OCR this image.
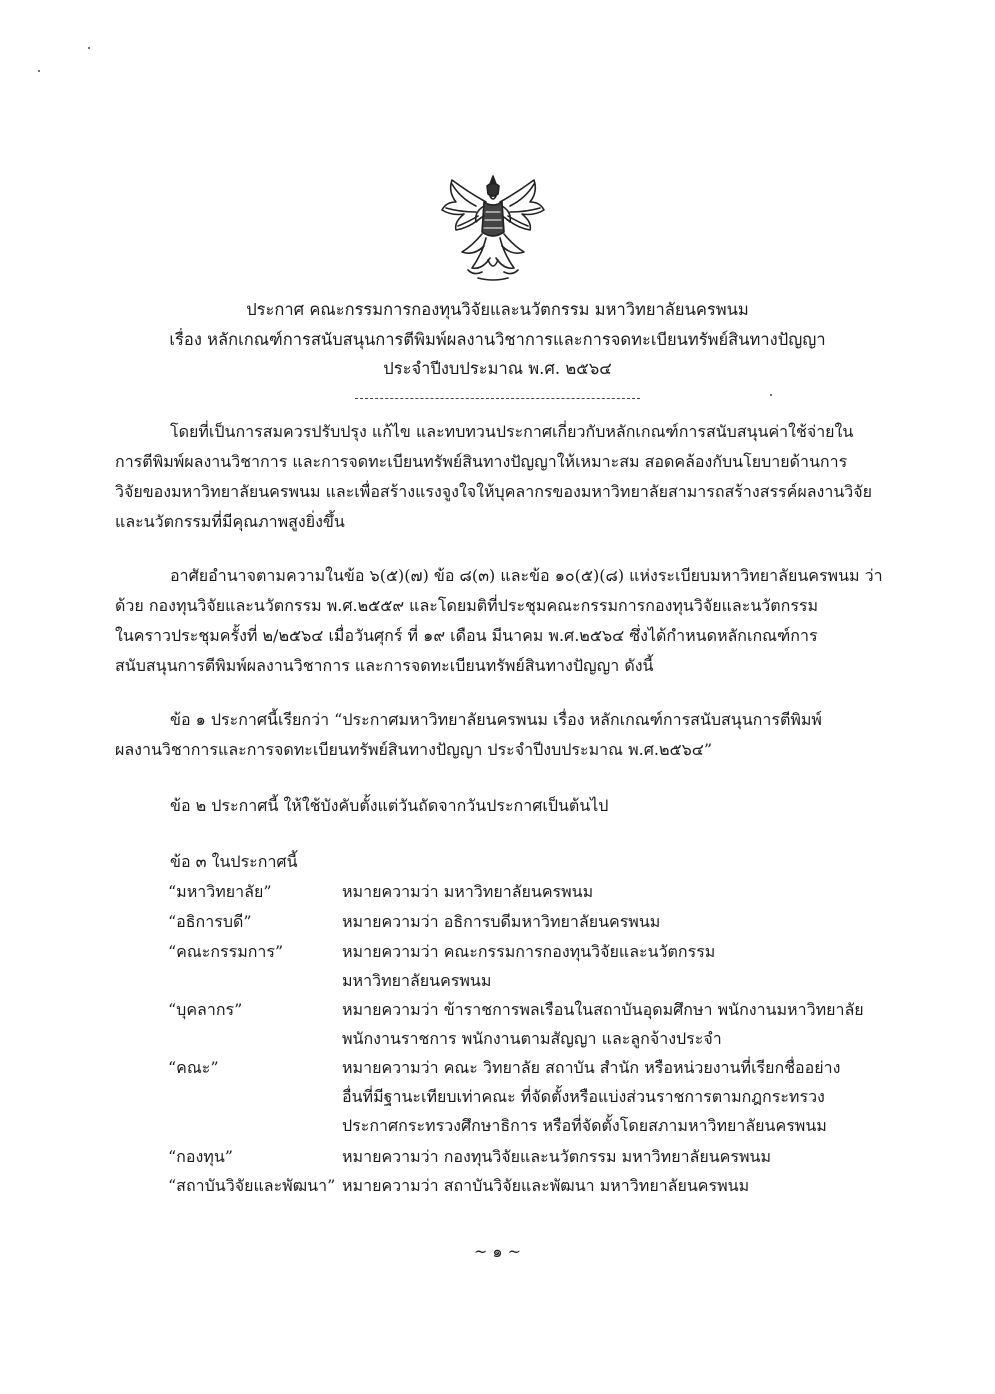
ประกาศ คณะกรรมการกองทุนวิจัยและนวัตกรรม มหาวิทยาลัยนครพนม
เรื่อง หลักเกณฑ์การสนับสนุนการตีพิมพ์ผลงานวิชาการและการจดทะเบียนทรัพย์สินทางปัญญา
ประจำปีงบประมาณ พ.ศ. ๒๕๖๔
โดยที่เป็นการสมควรปรับปรุง แก้ไข และทบทวนประกาศเกี่ยวกับหลักเกณฑ์การสนับสนุนค่าใช้จ่ายใน
การตีพิมพ์ผลงานวิชาการ และการจดทะเบียนทรัพย์สินทางปัญญาให้เหมาะสม สอดคล้องกับนโยบายด้านการ
วิจัยของมหาวิทยาลัยนครพนม และเพื่อสร้างแรงจูงใจให้บุคลากรของมหาวิทยาลัยสามารถสร้างสรรค์ผลงานวิจัย
และนวัตกรรมที่มีคุณภาพสูงยิ่งขึ้น
อาศัยอำนาจตามความในข้อ ๖(๕)(๗) ข้อ ๘(๓) และข้อ ๑๐(๕)(๘) แห่งระเบียบมหาวิทยาลัยนครพนม ว่า
ด้วย กองทุนวิจัยและนวัตกรรม พ.ศ.๒๕๕๙ และโดยมติที่ประชุมคณะกรรมการกองทุนวิจัยและนวัตกรรม
ในคราวประชุมครั้งที่ ๒/๒๕๖๔ เมื่อวันศุกร์ ที่ ๑๙ เดือน มีนาคม พ.ศ.๒๕๖๔ ซึ่งได้กำหนดหลักเกณฑ์การ
สนับสนุนการตีพิมพ์ผลงานวิชาการ และการจดทะเบียนทรัพย์สินทางปัญญา ดังนี้
ข้อ ๑ ประกาศนี้เรียกว่า “ประกาศมหาวิทยาลัยนครพนม เรื่อง หลักเกณฑ์การสนับสนุนการตีพิมพ์
ผลงานวิชาการและการจดทะเบียนทรัพย์สินทางปัญญา ประจำปีงบประมาณ พ.ศ.๒๕๖๔”
ข้อ ๒ ประกาศนี้ ให้ใช้บังคับตั้งแต่วันถัดจากวันประกาศเป็นต้นไป
ข้อ ๓ ในประกาศนี้
“มหาวิทยาลัย”	หมายความว่า มหาวิทยาลัยนครพนม
“อธิการบดี”	หมายความว่า อธิการบดีมหาวิทยาลัยนครพนม
“คณะกรรมการ”	หมายความว่า คณะกรรมการกองทุนวิจัยและนวัตกรรม
มหาวิทยาลัยนครพนม
“บุคลากร”	หมายความว่า ข้าราชการพลเรือนในสถาบันอุดมศึกษา พนักงานมหาวิทยาลัย
พนักงานราชการ พนักงานตามสัญญา และลูกจ้างประจำ
“คณะ”	หมายความว่า คณะ วิทยาลัย สถาบัน สำนัก หรือหน่วยงานที่เรียกชื่ออย่าง
อื่นที่มีฐานะเทียบเท่าคณะ ที่จัดตั้งหรือแบ่งส่วนราชการตามกฎกระทรวง
ประกาศกระทรวงศึกษาธิการ หรือที่จัดตั้งโดยสภามหาวิทยาลัยนครพนม
“กองทุน”	หมายความว่า กองทุนวิจัยและนวัตกรรม มหาวิทยาลัยนครพนม
“สถาบันวิจัยและพัฒนา” หมายความว่า สถาบันวิจัยและพัฒนา มหาวิทยาลัยนครพนม
~ ๑ ~
